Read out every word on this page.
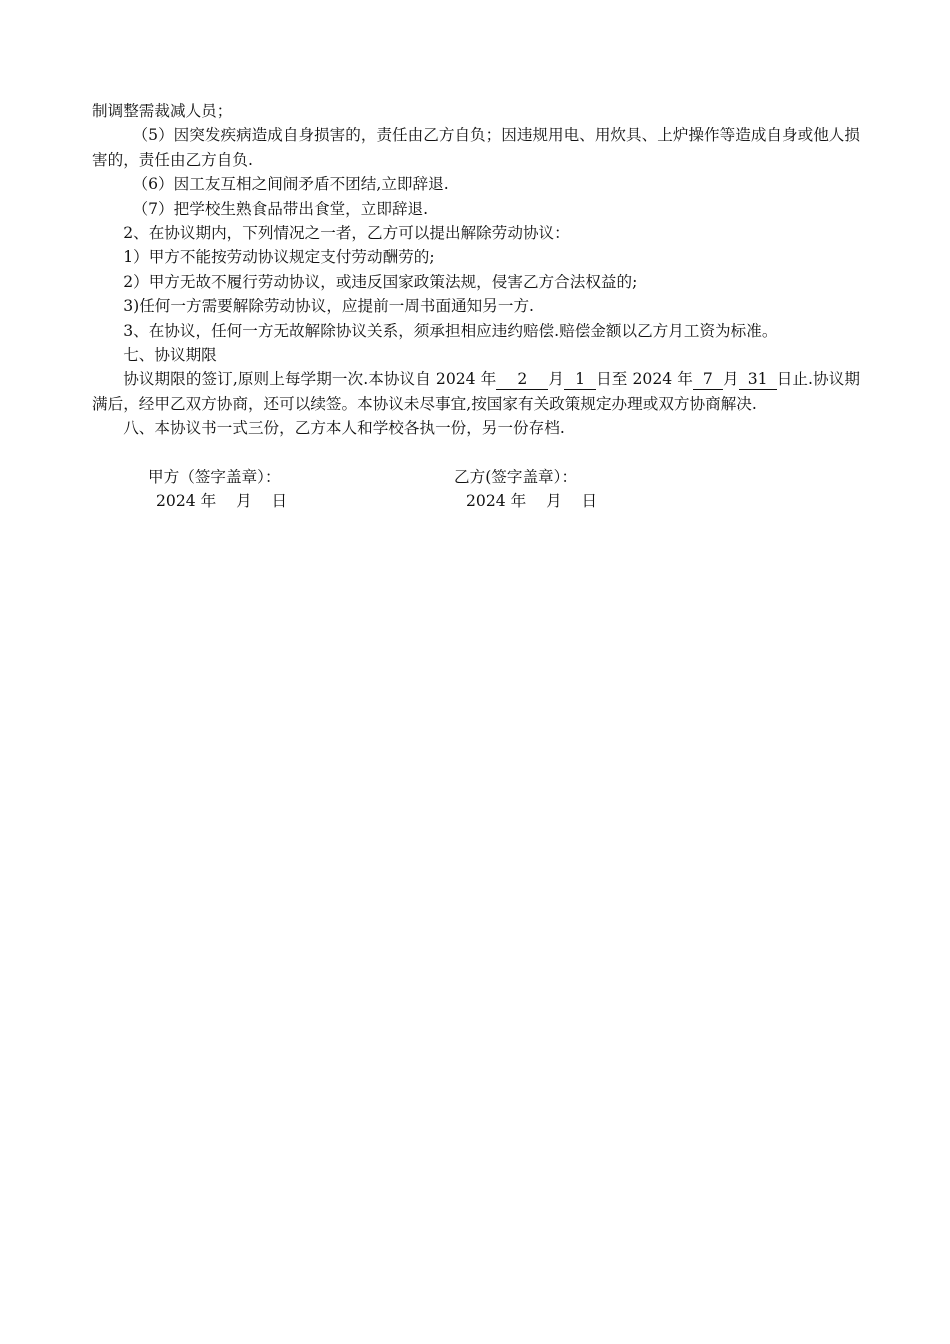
制调整需裁减人员；

（5）因突发疾病造成自身损害的，责任由乙方自负；因违规用电、用炊具、上炉操作等造成自身或他人损害的，责任由乙方自负.

（6）因工友互相之间闹矛盾不团结,立即辞退.

（7）把学校生熟食品带出食堂，立即辞退.

2、在协议期内，下列情况之一者，乙方可以提出解除劳动协议：

1）甲方不能按劳动协议规定支付劳动酬劳的;

2）甲方无故不履行劳动协议，或违反国家政策法规，侵害乙方合法权益的;

3)任何一方需要解除劳动协议，应提前一周书面通知另一方.

3、在协议，任何一方无故解除协议关系，须承担相应违约赔偿.赔偿金额以乙方月工资为标准。

七、协议期限

协议期限的签订,原则上每学期一次.本协议自 2024 年 2 月 1 日至 2024 年 7 月 31 日止.协议期满后，经甲乙双方协商，还可以续签。本协议未尽事宜,按国家有关政策规定办理或双方协商解决.

八、本协议书一式三份，乙方本人和学校各执一份，另一份存档.

甲方（签字盖章）：	乙方(签字盖章）：
2024 年    月    日	2024 年    月    日
